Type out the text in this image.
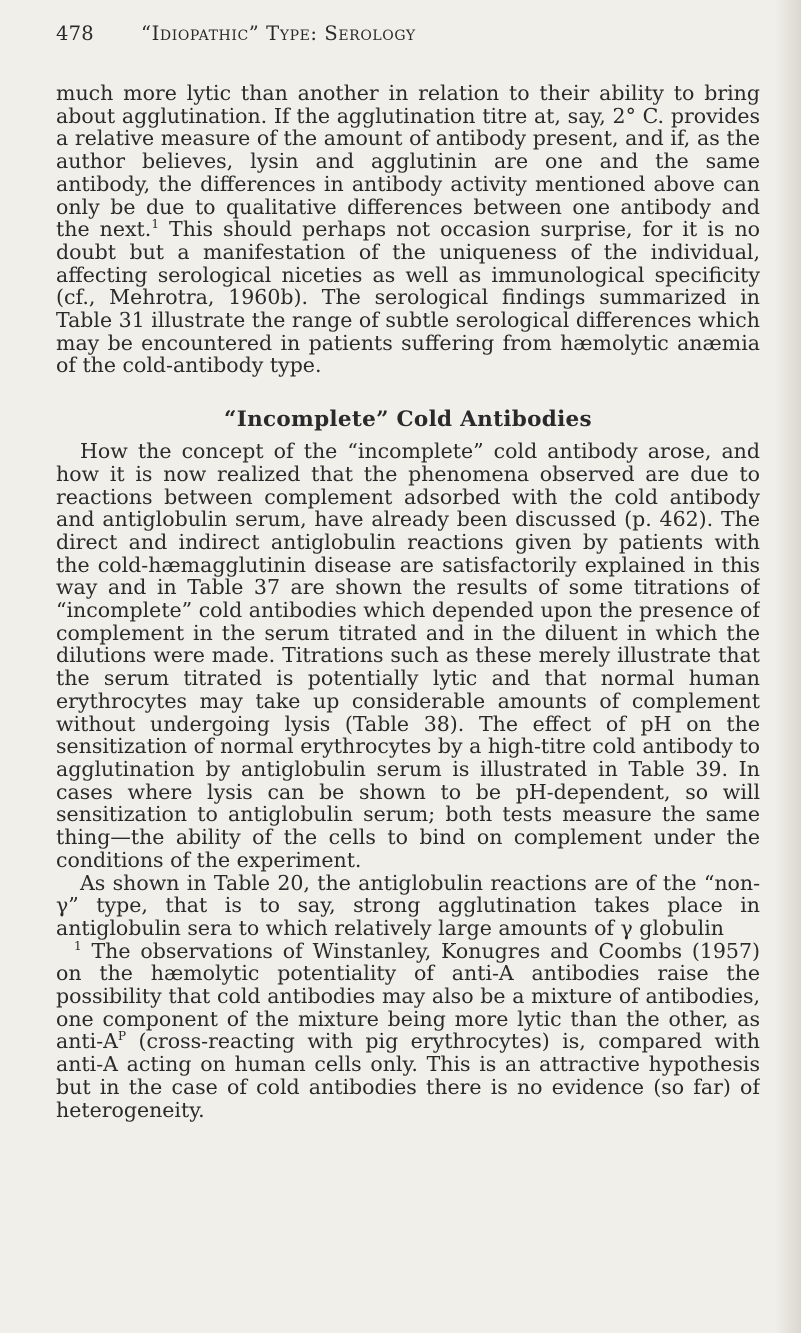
478	“Idiopathic” Type: Serology

much more lytic than another in relation to their ability to bring about agglutination. If the agglutination titre at, say, 2° C. provides a relative measure of the amount of antibody present, and if, as the author believes, lysin and agglutinin are one and the same antibody, the differences in antibody activity mentioned above can only be due to qualitative differences between one antibody and the next.$^1$ This should perhaps not occasion surprise, for it is no doubt but a manifestation of the uniqueness of the individual, affecting serological niceties as well as immunological specificity (cf., Mehrotra, 1960b). The serological findings summarized in Table 31 illustrate the range of subtle serological differences which may be encountered in patients suffering from hæmolytic anæmia of the cold-antibody type.

“Incomplete” Cold Antibodies

How the concept of the “incomplete” cold antibody arose, and how it is now realized that the phenomena observed are due to reactions between complement adsorbed with the cold antibody and antiglobulin serum, have already been discussed (p. 462). The direct and indirect antiglobulin reactions given by patients with the cold-hæmagglutinin disease are satisfactorily explained in this way and in Table 37 are shown the results of some titrations of “incomplete” cold antibodies which depended upon the presence of complement in the serum titrated and in the diluent in which the dilutions were made. Titrations such as these merely illustrate that the serum titrated is potentially lytic and that normal human erythrocytes may take up considerable amounts of complement without undergoing lysis (Table 38). The effect of pH on the sensitization of normal erythrocytes by a high-titre cold antibody to agglutination by antiglobulin serum is illustrated in Table 39. In cases where lysis can be shown to be pH-dependent, so will sensitization to antiglobulin serum; both tests measure the same thing—the ability of the cells to bind on complement under the conditions of the experiment.

As shown in Table 20, the antiglobulin reactions are of the “non-γ” type, that is to say, strong agglutination takes place in antiglobulin sera to which relatively large amounts of γ globulin

$^1$ The observations of Winstanley, Konugres and Coombs (1957) on the hæmolytic potentiality of anti-A antibodies raise the possibility that cold antibodies may also be a mixture of antibodies, one component of the mixture being more lytic than the other, as anti-$A^P$ (cross-reacting with pig erythrocytes) is, compared with anti-A acting on human cells only. This is an attractive hypothesis but in the case of cold antibodies there is no evidence (so far) of heterogeneity.
